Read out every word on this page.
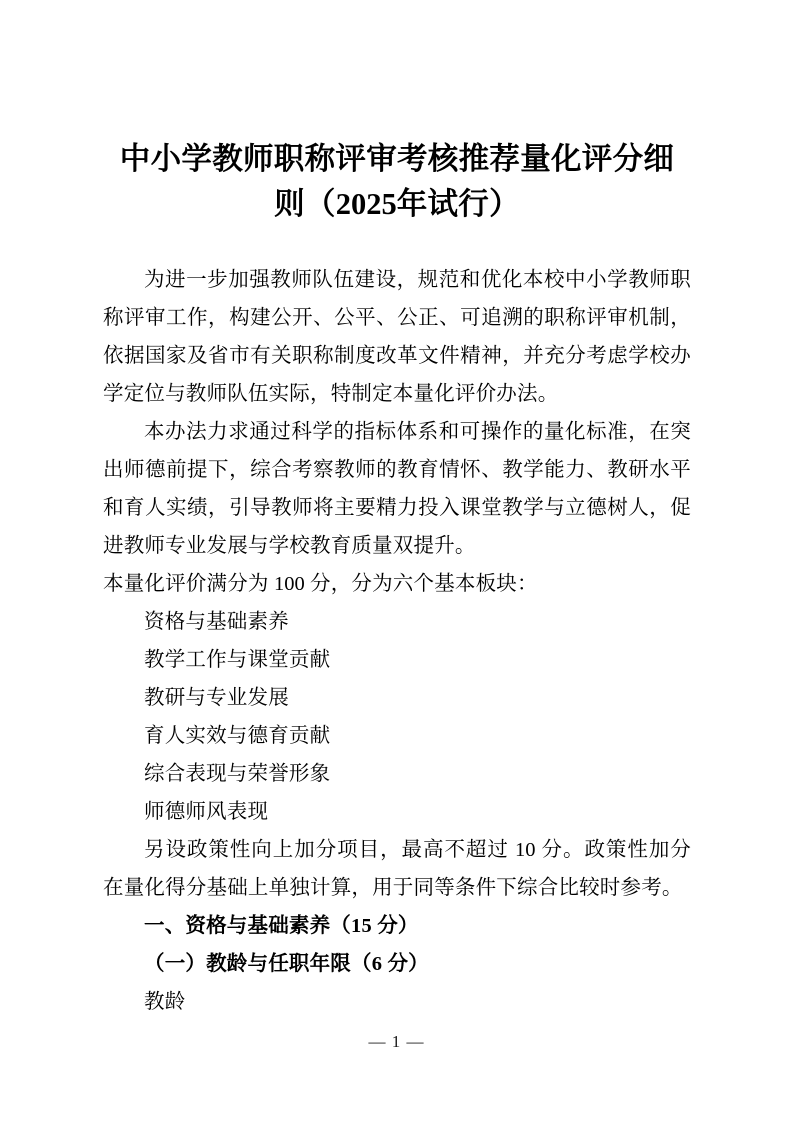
中小学教师职称评审考核推荐量化评分细
则（2025年试行）

为进一步加强教师队伍建设，规范和优化本校中小学教师职称评审工作，构建公开、公平、公正、可追溯的职称评审机制，依据国家及省市有关职称制度改革文件精神，并充分考虑学校办学定位与教师队伍实际，特制定本量化评价办法。

本办法力求通过科学的指标体系和可操作的量化标准，在突出师德前提下，综合考察教师的教育情怀、教学能力、教研水平和育人实绩，引导教师将主要精力投入课堂教学与立德树人，促进教师专业发展与学校教育质量双提升。

本量化评价满分为 100 分，分为六个基本板块：

资格与基础素养
教学工作与课堂贡献
教研与专业发展
育人实效与德育贡献
综合表现与荣誉形象
师德师风表现

另设政策性向上加分项目，最高不超过 10 分。政策性加分在量化得分基础上单独计算，用于同等条件下综合比较时参考。

一、资格与基础素养（15 分）

（一）教龄与任职年限（6 分）

教龄
— 1 —
